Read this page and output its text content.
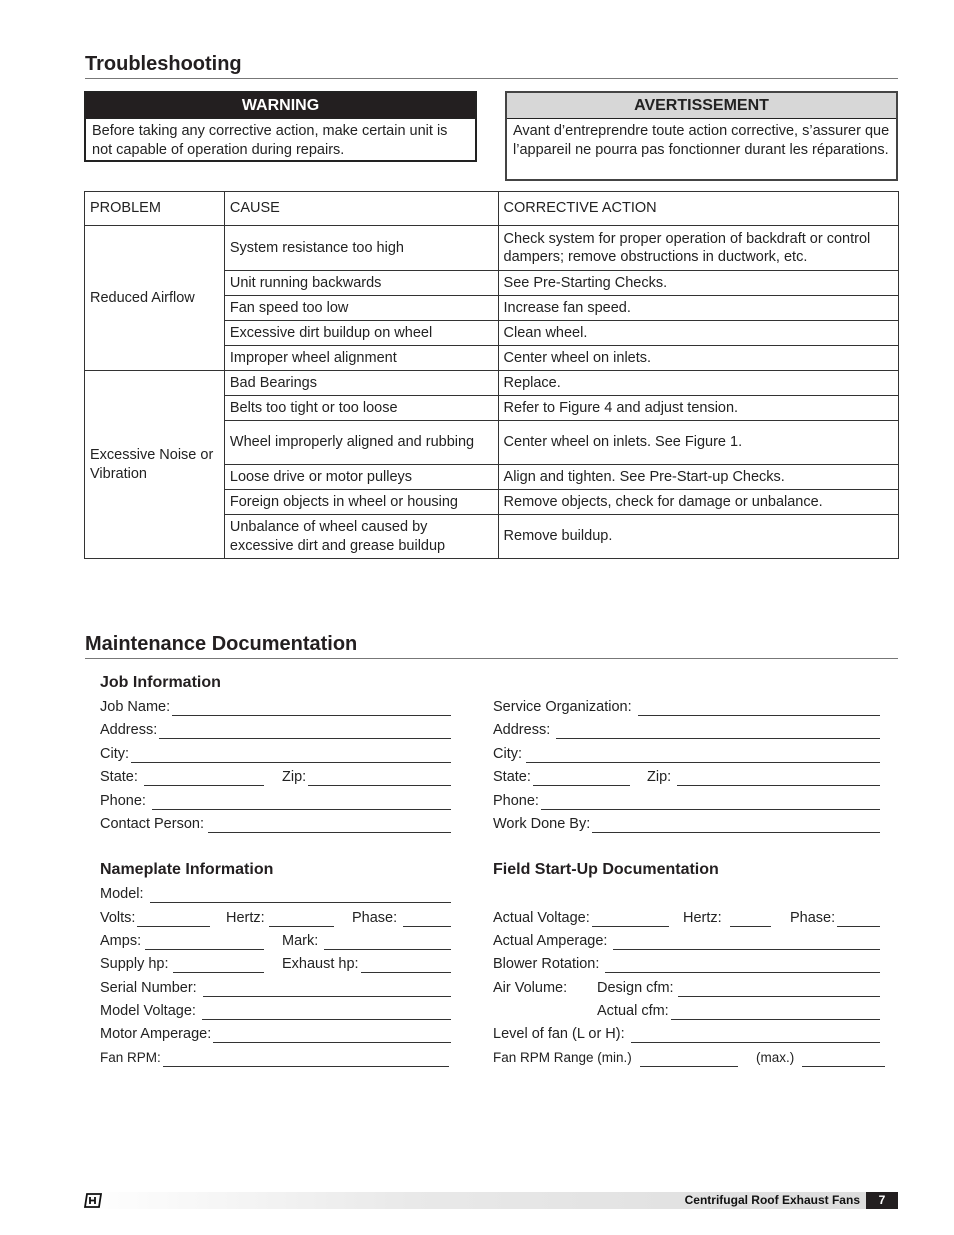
Troubleshooting
WARNING
Before taking any corrective action, make certain unit is not capable of operation during repairs.
AVERTISSEMENT
Avant d’entreprendre toute action corrective, s’assurer que l’appareil ne pourra pas fonctionner durant les réparations.
PROBLEM	CAUSE	CORRECTIVE ACTION
Reduced Airflow	System resistance too high	Check system for proper operation of backdraft or control dampers; remove obstructions in ductwork, etc.
	Unit running backwards	See Pre-Starting Checks.
	Fan speed too low	Increase fan speed.
	Excessive dirt buildup on wheel	Clean wheel.
	Improper wheel alignment	Center wheel on inlets.
Excessive Noise or Vibration	Bad Bearings	Replace.
	Belts too tight or too loose	Refer to Figure 4 and adjust tension.
	Wheel improperly aligned and rubbing	Center wheel on inlets. See Figure 1.
	Loose drive or motor pulleys	Align and tighten. See Pre-Start-up Checks.
	Foreign objects in wheel or housing	Remove objects, check for damage or unbalance.
	Unbalance of wheel caused by excessive dirt and grease buildup	Remove buildup.
Maintenance Documentation
Job Information
Job Name:
Address:
City:
State:	Zip:
Phone:
Contact Person:
Service Organization:
Address:
City:
State:	Zip:
Phone:
Work Done By:
Nameplate Information
Model:
Volts:	Hertz:	Phase:
Amps:	Mark:
Supply hp:	Exhaust hp:
Serial Number:
Model Voltage:
Motor Amperage:
Fan RPM:
Field Start-Up Documentation
Actual Voltage:	Hertz:	Phase:
Actual Amperage:
Blower Rotation:
Air Volume: Design cfm:
Actual cfm:
Level of fan (L or H):
Fan RPM Range (min.)	(max.)
Centrifugal Roof Exhaust Fans	7
